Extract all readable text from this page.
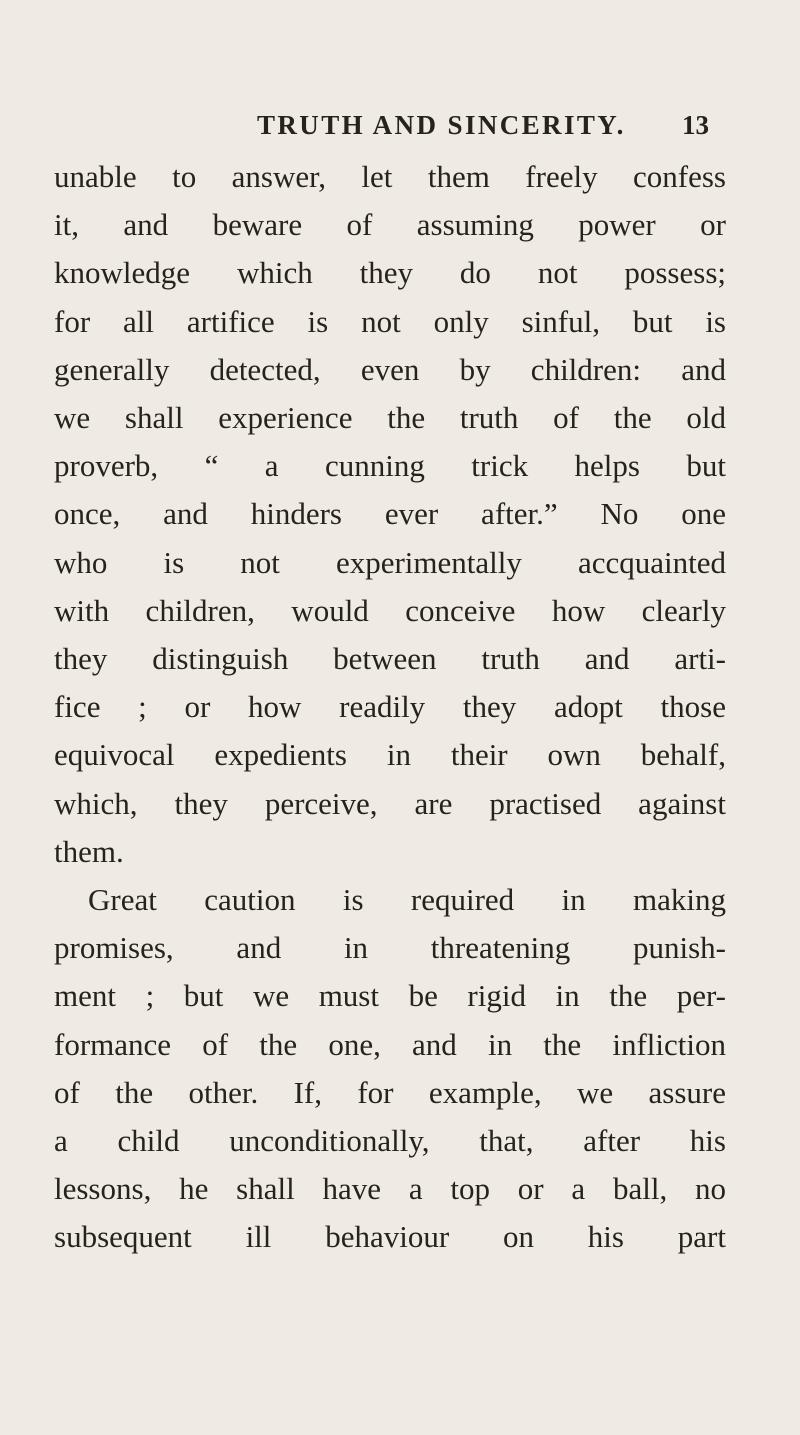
TRUTH AND SINCERITY. 13
unable to answer, let them freely confess
it, and beware of assuming power or
knowledge which they do not possess;
for all artifice is not only sinful, but is
generally detected, even by children: and
we shall experience the truth of the old
proverb, “ a cunning trick helps but
once, and hinders ever after.” No one
who is not experimentally accquainted
with children, would conceive how clearly
they distinguish between truth and arti-
fice ; or how readily they adopt those
equivocal expedients in their own behalf,
which, they perceive, are practised against
them.
Great caution is required in making
promises, and in threatening punish-
ment ; but we must be rigid in the per-
formance of the one, and in the infliction
of the other. If, for example, we assure
a child unconditionally, that, after his
lessons, he shall have a top or a ball, no
subsequent ill behaviour on his part
